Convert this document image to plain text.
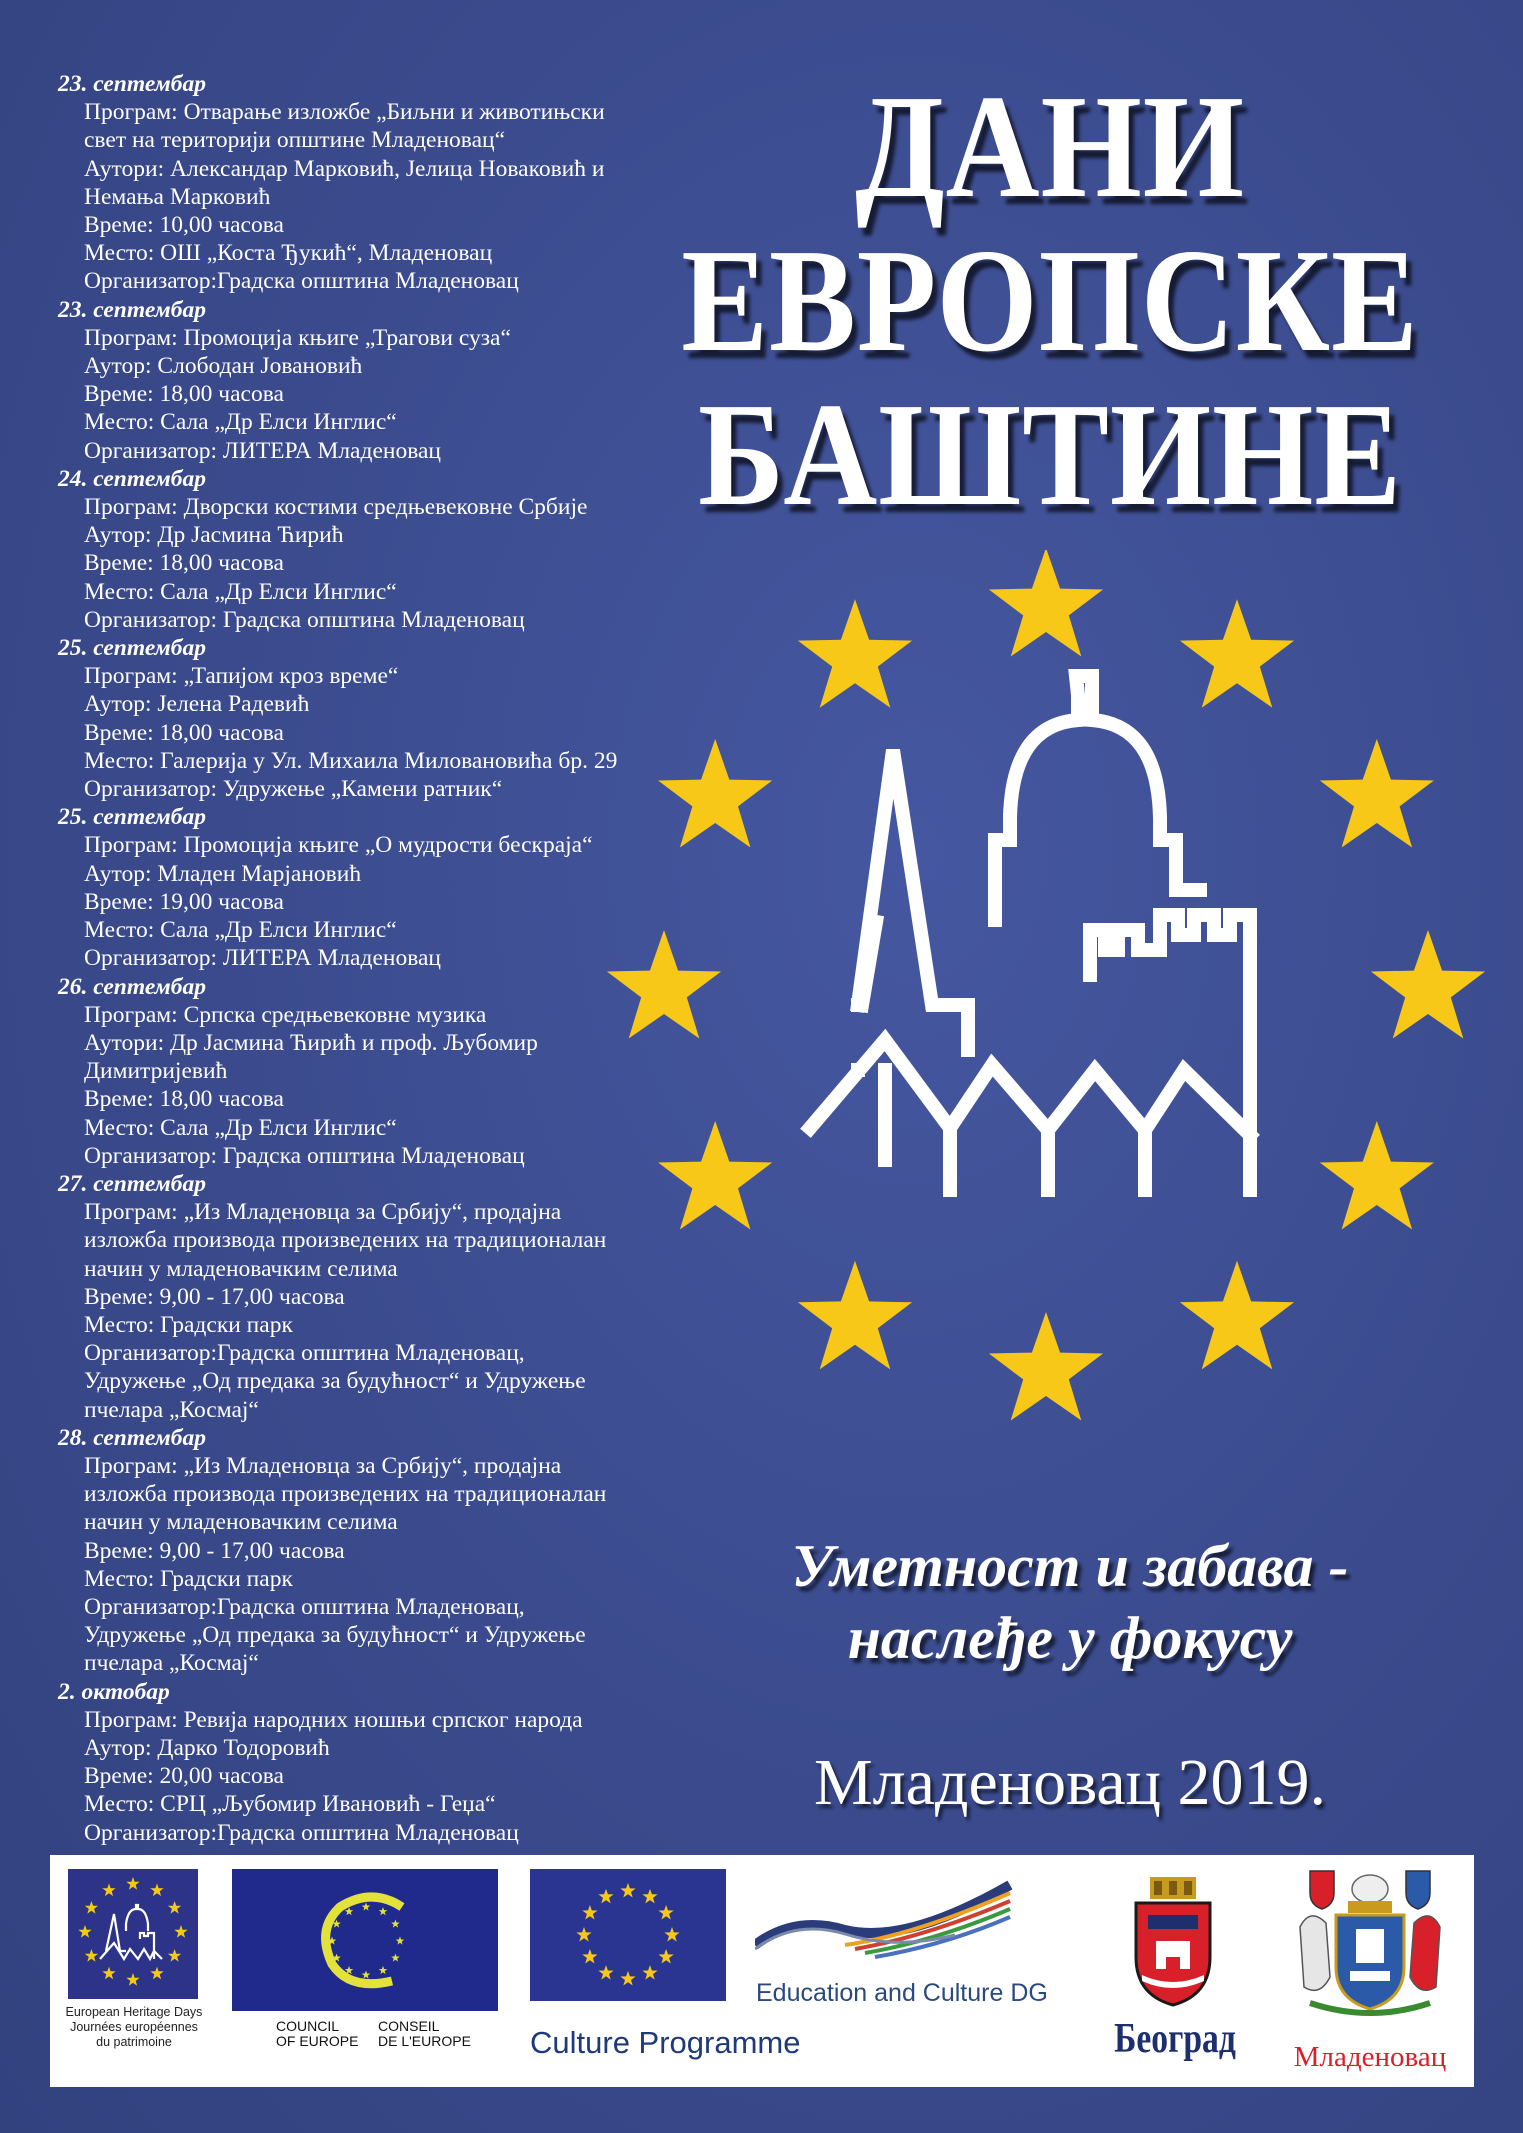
23. септембар
Програм: Отварање изложбе „Биљни и животињски
свет на територији општине Младеновац“
Аутори: Александар Марковић, Јелица Новаковић и
Немања Марковић
Време: 10,00 часова
Место: ОШ „Коста Ђукић“, Младеновац
Организатор:Градска општина Младеновац
23. септембар
Програм: Промоција књиге „Трагови суза“
Аутор: Слободан Јовановић
Време: 18,00 часова
Место: Сала „Др Елси Инглис“
Организатор: ЛИТЕРА Младеновац
24. септембар
Програм: Дворски костими средњевековне Србије
Аутор: Др Јасмина Ћирић
Време: 18,00 часова
Место: Сала „Др Елси Инглис“
Организатор: Градска општина Младеновац
25. септембар
Програм: „Тапијом кроз време“
Аутор: Јелена Радевић
Време: 18,00 часова
Место: Галерија у Ул. Михаила Миловановића бр. 29
Организатор: Удружење „Камени ратник“
25. септембар
Програм: Промоција књиге „О мудрости бескраја“
Аутор: Младен Марјановић
Време: 19,00 часова
Место: Сала „Др Елси Инглис“
Организатор: ЛИТЕРА Младеновац
26. септембар
Програм: Српска средњевековне музика
Аутори: Др Јасмина Ћирић и проф. Љубомир
Димитријевић
Време: 18,00 часова
Место: Сала „Др Елси Инглис“
Организатор: Градска општина Младеновац
27. септембар
Програм: „Из Младеновца за Србију“, продајна
изложба производа произведених на традиционалан
начин у младеновачким селима
Време: 9,00 - 17,00 часова
Место: Градски парк
Организатор:Градска општина Младеновац,
Удружење „Од предака за будућност“ и Удружење
пчелара „Космај“
28. септембар
Програм: „Из Младеновца за Србију“, продајна
изложба производа произведених на традиционалан
начин у младеновачким селима
Време: 9,00 - 17,00 часова
Место: Градски парк
Организатор:Градска општина Младеновац,
Удружење „Од предака за будућност“ и Удружење
пчелара „Космај“
2. октобар
Програм: Ревија народних ношњи српског народа
Аутор: Дарко Тодоровић
Време: 20,00 часова
Место: СРЦ „Љубомир Ивановић - Геџа“
Организатор:Градска општина Младеновац
ДАНИ
ЕВРОПСКЕ
БАШТИНЕ
Уметност и забава -
наслеђе у фокусу
Младеновац 2019.
European Heritage Days
Journées européennes
du patrimoine
COUNCIL
OF EUROPE
CONSEIL
DE L'EUROPE Culture Programme
Education and Culture DG
Београд	Младеновац
